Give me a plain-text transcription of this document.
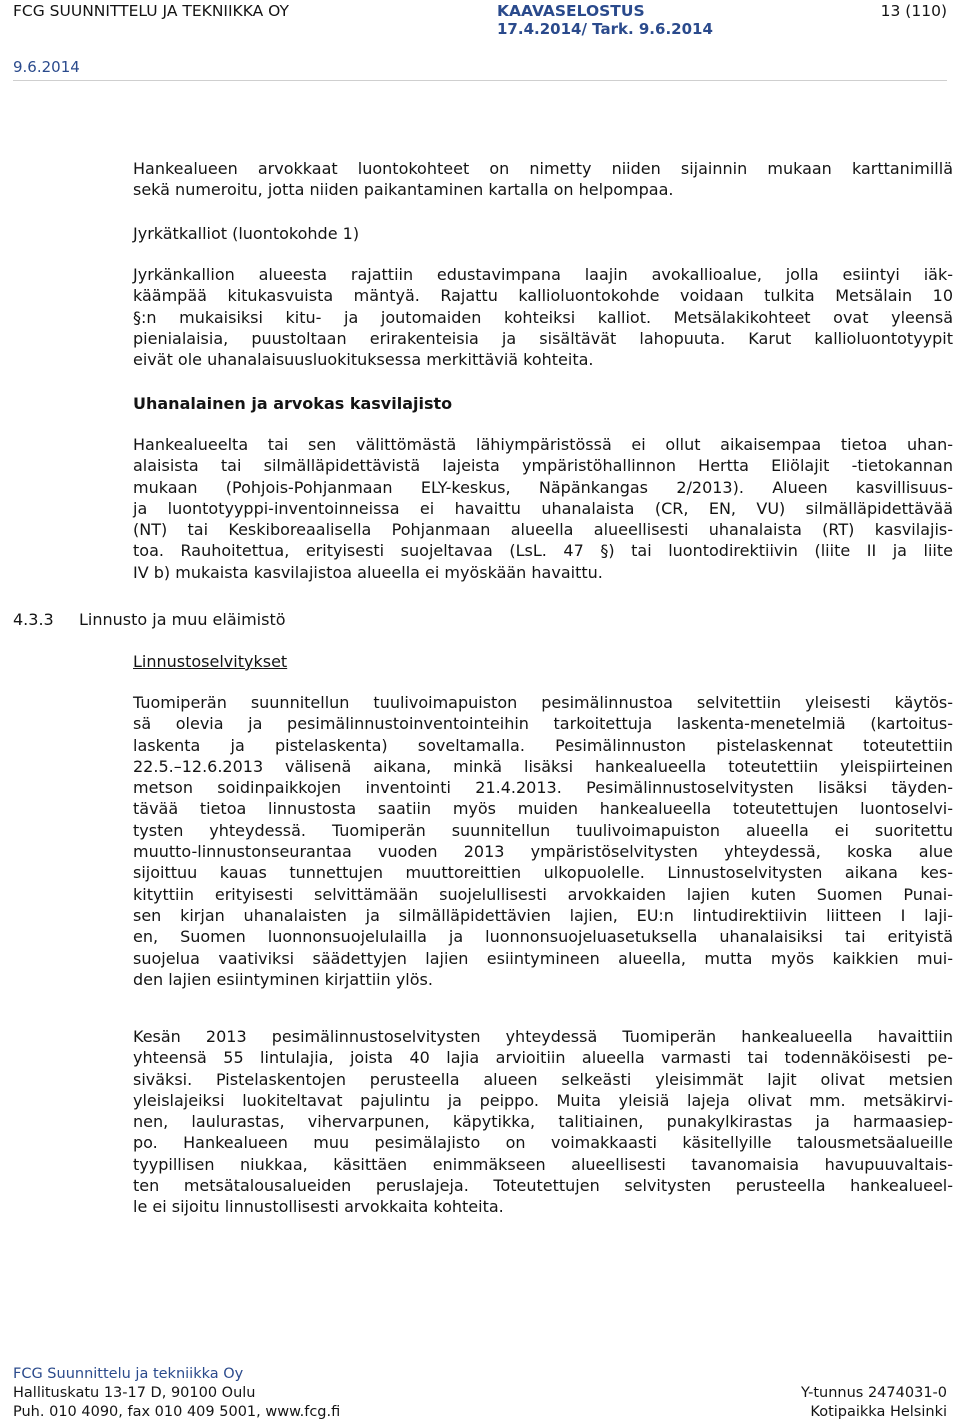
FCG SUUNNITTELU JA TEKNIIKKA OY	KAAVASELOSTUS
17.4.2014/ Tark. 9.6.2014
13 (110)
9.6.2014
Hankealueen arvokkaat luontokohteet on nimetty niiden sijainnin mukaan karttanimillä
sekä numeroitu, jotta niiden paikantaminen kartalla on helpompaa.
Jyrkätkalliot (luontokohde 1)
Jyrkänkallion alueesta rajattiin edustavimpana laajin avokallioalue, jolla esiintyi iäk-
käämpää kitukasvuista mäntyä. Rajattu kallioluontokohde voidaan tulkita Metsälain 10
§:n mukaisiksi kitu- ja joutomaiden kohteiksi kalliot. Metsälakikohteet ovat yleensä
pienialaisia, puustoltaan erirakenteisia ja sisältävät lahopuuta. Karut kallioluontotyypit
eivät ole uhanalaisuusluokituksessa merkittäviä kohteita.
Uhanalainen ja arvokas kasvilajisto
Hankealueelta tai sen välittömästä lähiympäristössä ei ollut aikaisempaa tietoa uhan-
alaisista tai silmälläpidettävistä lajeista ympäristöhallinnon Hertta Eliölajit -tietokannan
mukaan (Pohjois-Pohjanmaan ELY-keskus, Näpänkangas 2/2013). Alueen kasvillisuus-
ja luontotyyppi-inventoinneissa ei havaittu uhanalaista (CR, EN, VU) silmälläpidettävää
(NT) tai Keskiboreaalisella Pohjanmaan alueella alueellisesti uhanalaista (RT) kasvilajis-
toa. Rauhoitettua, erityisesti suojeltavaa (LsL. 47 §) tai luontodirektiivin (liite II ja liite
IV b) mukaista kasvilajistoa alueella ei myöskään havaittu.
4.3.3 Linnusto ja muu eläimistö
Linnustoselvitykset
Tuomiperän suunnitellun tuulivoimapuiston pesimälinnustoa selvitettiin yleisesti käytös-
sä olevia ja pesimälinnustoinventointeihin tarkoitettuja laskenta-menetelmiä (kartoitus-
laskenta ja pistelaskenta) soveltamalla. Pesimälinnuston pistelaskennat toteutettiin
22.5.–12.6.2013 välisenä aikana, minkä lisäksi hankealueella toteutettiin yleispiirteinen
metson soidinpaikkojen inventointi 21.4.2013. Pesimälinnustoselvitysten lisäksi täyden-
tävää tietoa linnustosta saatiin myös muiden hankealueella toteutettujen luontoselvi-
tysten yhteydessä. Tuomiperän suunnitellun tuulivoimapuiston alueella ei suoritettu
muutto-linnustonseurantaa vuoden 2013 ympäristöselvitysten yhteydessä, koska alue
sijoittuu kauas tunnettujen muuttoreittien ulkopuolelle. Linnustoselvitysten aikana kes-
kityttiin erityisesti selvittämään suojelullisesti arvokkaiden lajien kuten Suomen Punai-
sen kirjan uhanalaisten ja silmälläpidettävien lajien, EU:n lintudirektiivin liitteen I laji-
en, Suomen luonnonsuojelulailla ja luonnonsuojeluasetuksella uhanalaisiksi tai erityistä
suojelua vaativiksi säädettyjen lajien esiintymineen alueella, mutta myös kaikkien mui-
den lajien esiintyminen kirjattiin ylös.
Kesän 2013 pesimälinnustoselvitysten yhteydessä Tuomiperän hankealueella havaittiin
yhteensä 55 lintulajia, joista 40 lajia arvioitiin alueella varmasti tai todennäköisesti pe-
siväksi. Pistelaskentojen perusteella alueen selkeästi yleisimmät lajit olivat metsien
yleislajeiksi luokiteltavat pajulintu ja peippo. Muita yleisiä lajeja olivat mm. metsäkirvi-
nen, laulurastas, vihervarpunen, käpytikka, talitiainen, punakylkirastas ja harmaasiep-
po. Hankealueen muu pesimälajisto on voimakkaasti käsitellyille talousmetsäalueille
tyypillisen niukkaa, käsittäen enimmäkseen alueellisesti tavanomaisia havupuuvaltais-
ten metsätalousalueiden peruslajeja. Toteutettujen selvitysten perusteella hankealueel-
le ei sijoitu linnustollisesti arvokkaita kohteita.
FCG Suunnittelu ja tekniikka Oy
Hallituskatu 13-17 D, 90100 Oulu
Puh. 010 4090, fax 010 409 5001, www.fcg.fi
Y-tunnus 2474031-0
Kotipaikka Helsinki
